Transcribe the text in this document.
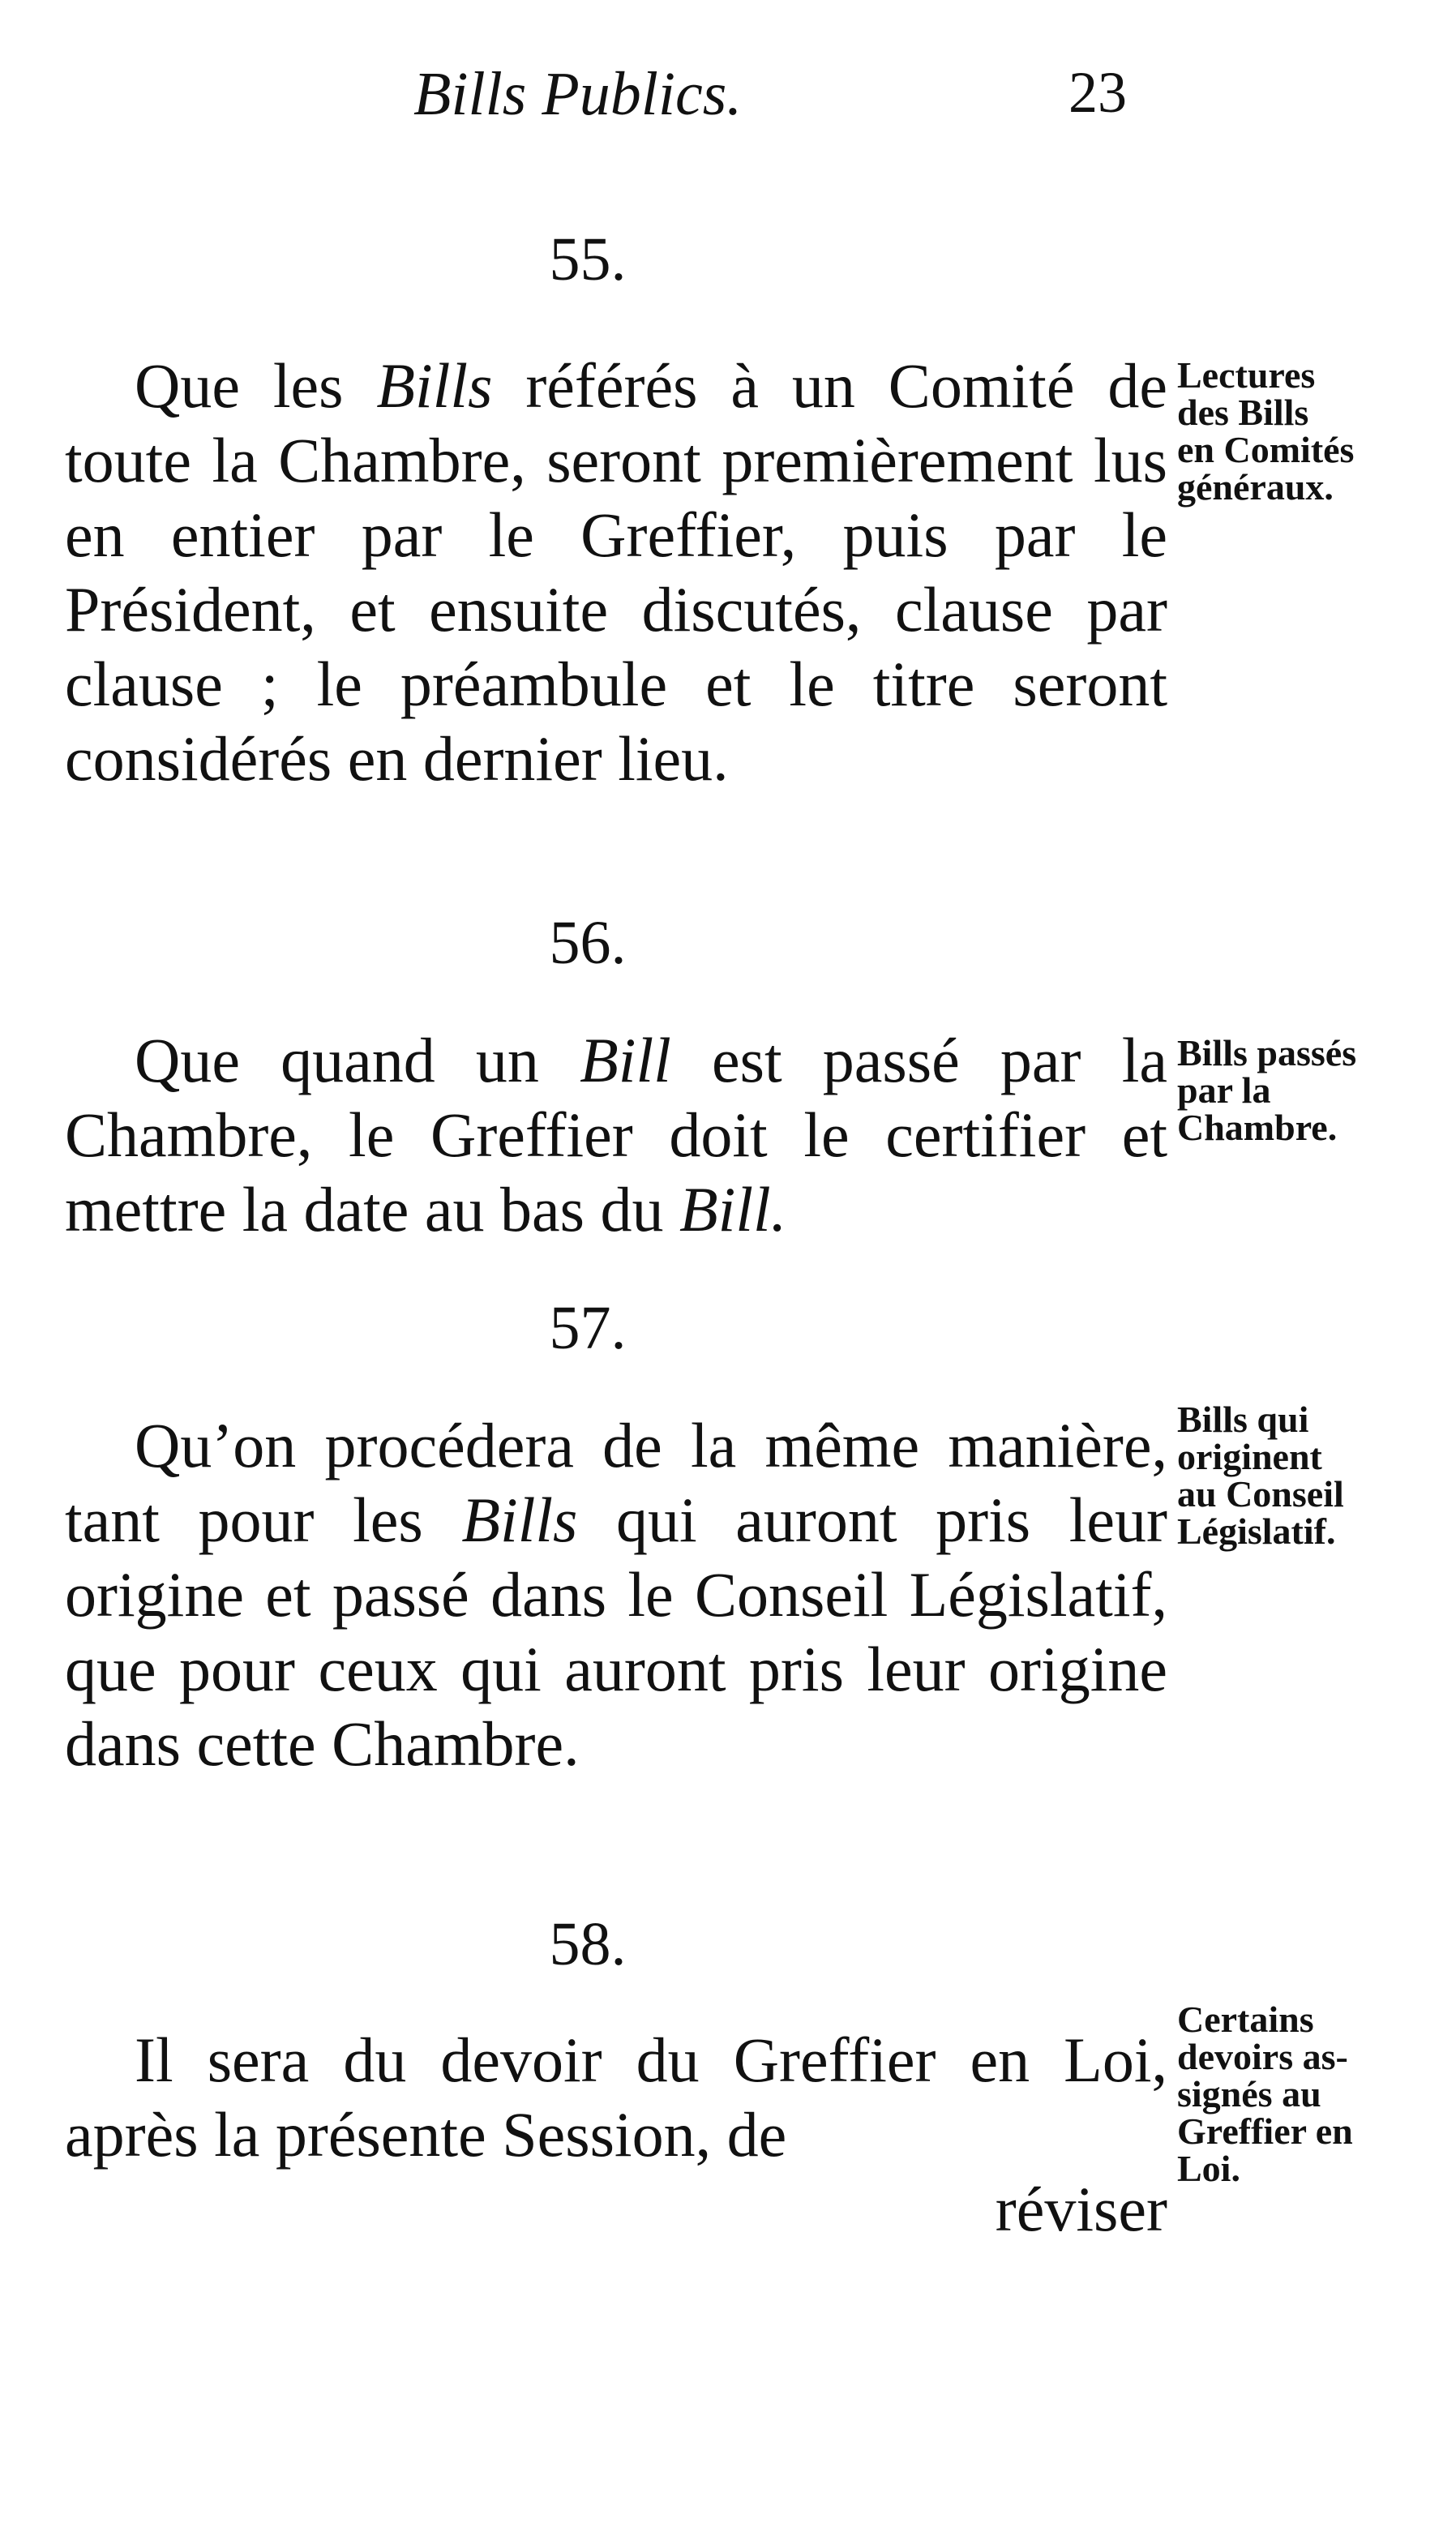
Bills Publics.	23
55.

Que les Bills référés à un Comité de toute la Chambre, seront premièrement lus en entier par le Greffier, puis par le Président, et ensuite discutés, clause par clause ; le préambule et le titre seront considérés en dernier lieu.

Lectures
des Bills
en Comités
généraux.
56.

Que quand un Bill est passé par la Chambre, le Greffier doit le certifier et mettre la date au bas du Bill.

Bills passés
par la
Chambre.
57.

Qu’on procédera de la même manière, tant pour les Bills qui auront pris leur origine et passé dans le Conseil Législatif, que pour ceux qui auront pris leur origine dans cette Chambre.

Bills qui
originent
au Conseil
Législatif.
58.

Il sera du devoir du Greffier en Loi, après la présente Session, de

réviser
Certains
devoirs as-
signés au
Greffier en
Loi.
